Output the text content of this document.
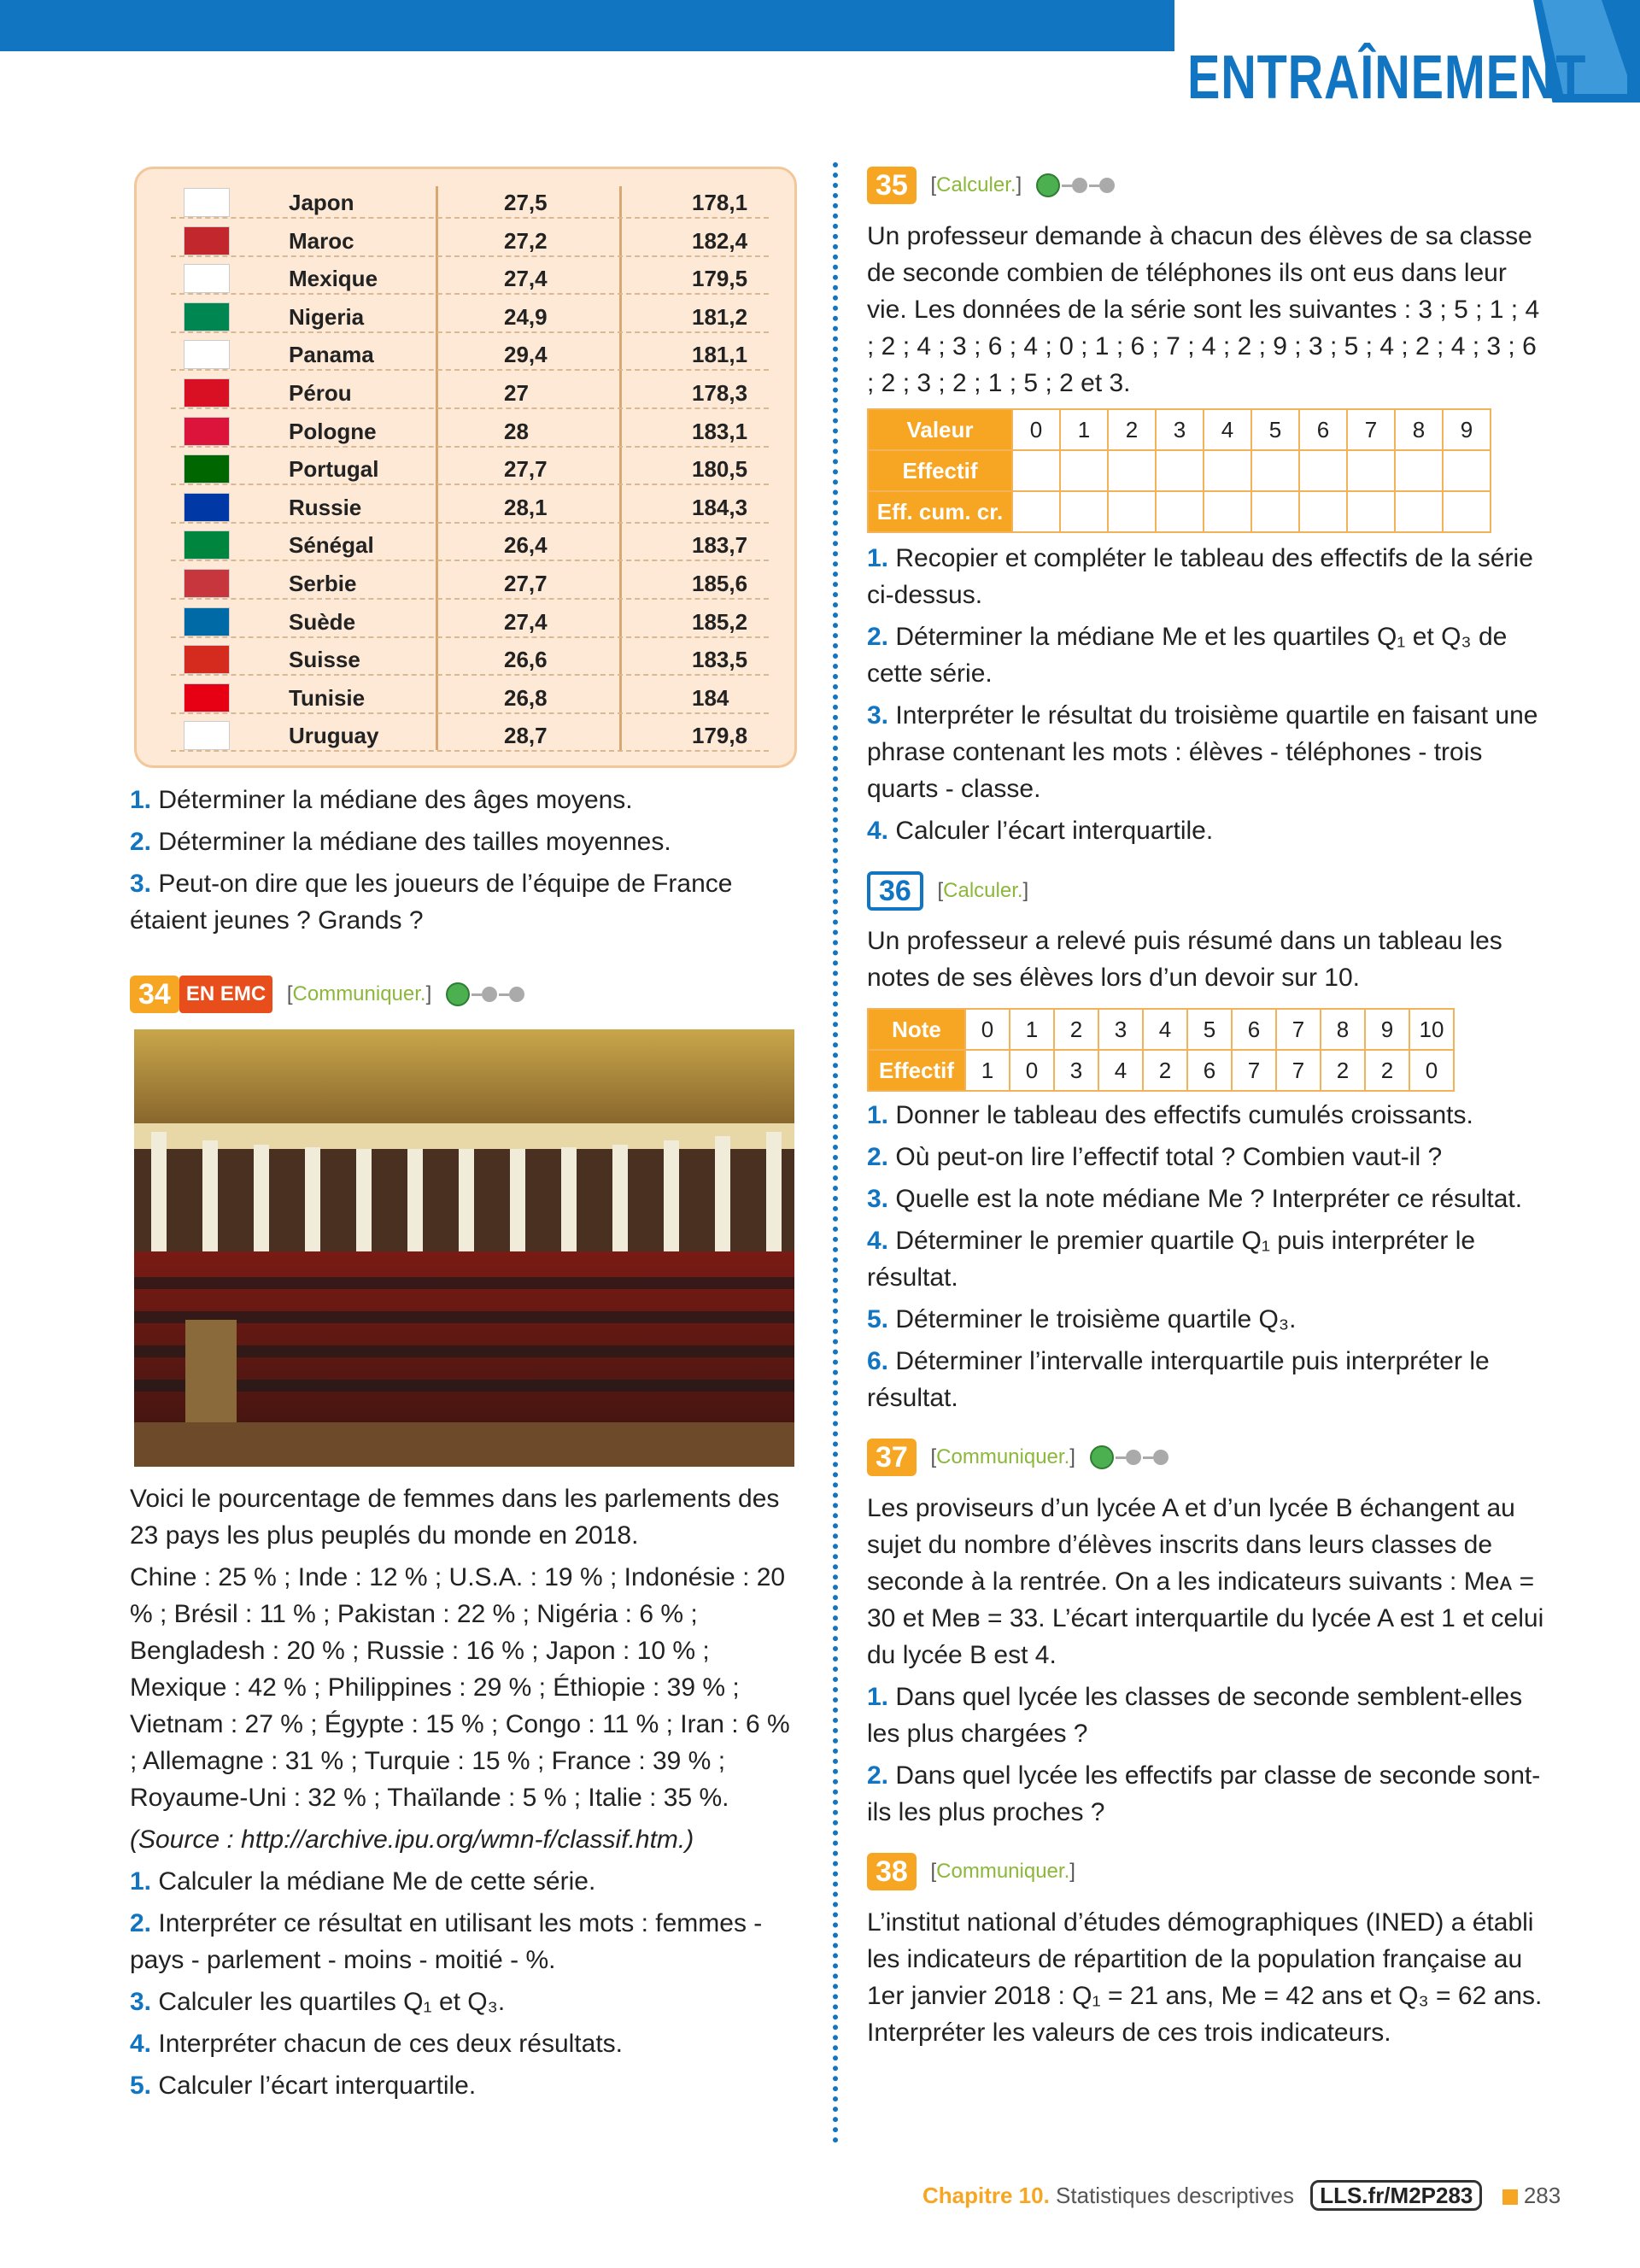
ENTRAÎNEMENT
Japon	27,5	178,1
Maroc	27,2	182,4
Mexique	27,4	179,5
Nigeria	24,9	181,2
Panama	29,4	181,1
Pérou	27	178,3
Pologne	28	183,1
Portugal	27,7	180,5
Russie	28,1	184,3
Sénégal	26,4	183,7
Serbie	27,7	185,6
Suède	27,4	185,2
Suisse	26,6	183,5
Tunisie	26,8	184
Uruguay	28,7	179,8

1. Déterminer la médiane des âges moyens.

2. Déterminer la médiane des tailles moyennes.

3. Peut-on dire que les joueurs de l’équipe de France étaient jeunes ? Grands ?

34 EN EMC [Communiquer.]

Voici le pourcentage de femmes dans les parlements des 23 pays les plus peuplés du monde en 2018.

Chine : 25 % ; Inde : 12 % ; U.S.A. : 19 % ; Indonésie : 20 % ; Brésil : 11 % ; Pakistan : 22 % ; Nigéria : 6 % ; Bengladesh : 20 % ; Russie : 16 % ; Japon : 10 % ; Mexique : 42 % ; Philippines : 29 % ; Éthiopie : 39 % ; Vietnam : 27 % ; Égypte : 15 % ; Congo : 11 % ; Iran : 6 % ; Allemagne : 31 % ; Turquie : 15 % ; France : 39 % ; Royaume-Uni : 32 % ; Thaïlande : 5 % ; Italie : 35 %.

(Source : http://archive.ipu.org/wmn-f/classif.htm.)

1. Calculer la médiane Me de cette série.

2. Interpréter ce résultat en utilisant les mots : femmes - pays - parlement - moins - moitié - %.

3. Calculer les quartiles Q₁ et Q₃.

4. Interpréter chacun de ces deux résultats.

5. Calculer l’écart interquartile.

35 [Calculer.]

Un professeur demande à chacun des élèves de sa classe de seconde combien de téléphones ils ont eus dans leur vie. Les données de la série sont les suivantes : 3 ; 5 ; 1 ; 4 ; 2 ; 4 ; 3 ; 6 ; 4 ; 0 ; 1 ; 6 ; 7 ; 4 ; 2 ; 9 ; 3 ; 5 ; 4 ; 2 ; 4 ; 3 ; 6 ; 2 ; 3 ; 2 ; 1 ; 5 ; 2 et 3.

Valeur	0	1	2	3	4	5	6	7	8	9
Effectif										
Eff. cum. cr.										

1. Recopier et compléter le tableau des effectifs de la série ci-dessus.

2. Déterminer la médiane Me et les quartiles Q₁ et Q₃ de cette série.

3. Interpréter le résultat du troisième quartile en faisant une phrase contenant les mots : élèves - téléphones - trois quarts - classe.

4. Calculer l’écart interquartile.

36 [Calculer.]

Un professeur a relevé puis résumé dans un tableau les notes de ses élèves lors d’un devoir sur 10.

Note	0	1	2	3	4	5	6	7	8	9	10
Effectif	1	0	3	4	2	6	7	7	2	2	0

1. Donner le tableau des effectifs cumulés croissants.

2. Où peut-on lire l’effectif total ? Combien vaut-il ?

3. Quelle est la note médiane Me ? Interpréter ce résultat.

4. Déterminer le premier quartile Q₁ puis interpréter le résultat.

5. Déterminer le troisième quartile Q₃.

6. Déterminer l’intervalle interquartile puis interpréter le résultat.

37 [Communiquer.]

Les proviseurs d’un lycée A et d’un lycée B échangent au sujet du nombre d’élèves inscrits dans leurs classes de seconde à la rentrée. On a les indicateurs suivants : Meᴀ = 30 et Meʙ = 33. L’écart interquartile du lycée A est 1 et celui du lycée B est 4.

1. Dans quel lycée les classes de seconde semblent-elles les plus chargées ?

2. Dans quel lycée les effectifs par classe de seconde sont-ils les plus proches ?

38 [Communiquer.]

L’institut national d’études démographiques (INED) a établi les indicateurs de répartition de la population française au 1er janvier 2018 : Q₁ = 21 ans, Me = 42 ans et Q₃ = 62 ans. Interpréter les valeurs de ces trois indicateurs.

Chapitre 10. Statistiques descriptives LLS.fr/M2P283 283
